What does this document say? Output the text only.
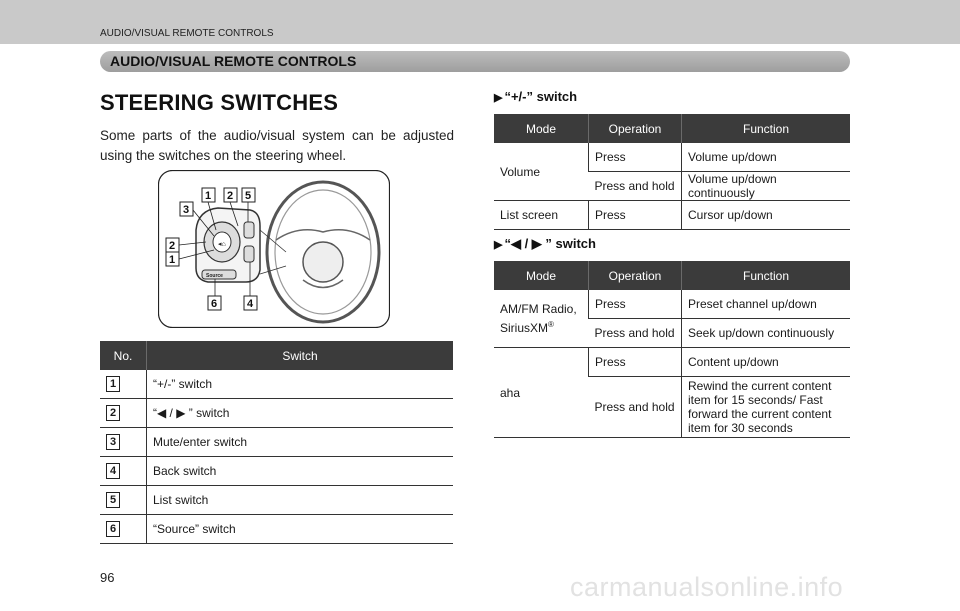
AUDIO/VISUAL REMOTE CONTROLS
AUDIO/VISUAL REMOTE CONTROLS
STEERING SWITCHES
Some parts of the audio/visual system can be adjusted using the switches on the steering wheel.
◂⌂
Source
1 2 5
3
2
1
6	4
No.	Switch
1	“+/-” switch
2	“◀ / ▶ ” switch
3	Mute/enter switch
4	Back switch
5	List switch
6	“Source” switch
▶ “+/-” switch
Mode	Operation	Function
Volume	Press	Volume up/down
	Press and hold	Volume up/down continuously
List screen	Press	Cursor up/down
▶ “◀ / ▶ ” switch
Mode	Operation	Function
AM/FM Radio, SiriusXM®	Press	Preset channel up/down
	Press and hold	Seek up/down continuously
aha	Press	Content up/down
	Press and hold	Rewind the current content item for 15 seconds/ Fast forward the current content item for 30 seconds
96	carmanualsonline.info
